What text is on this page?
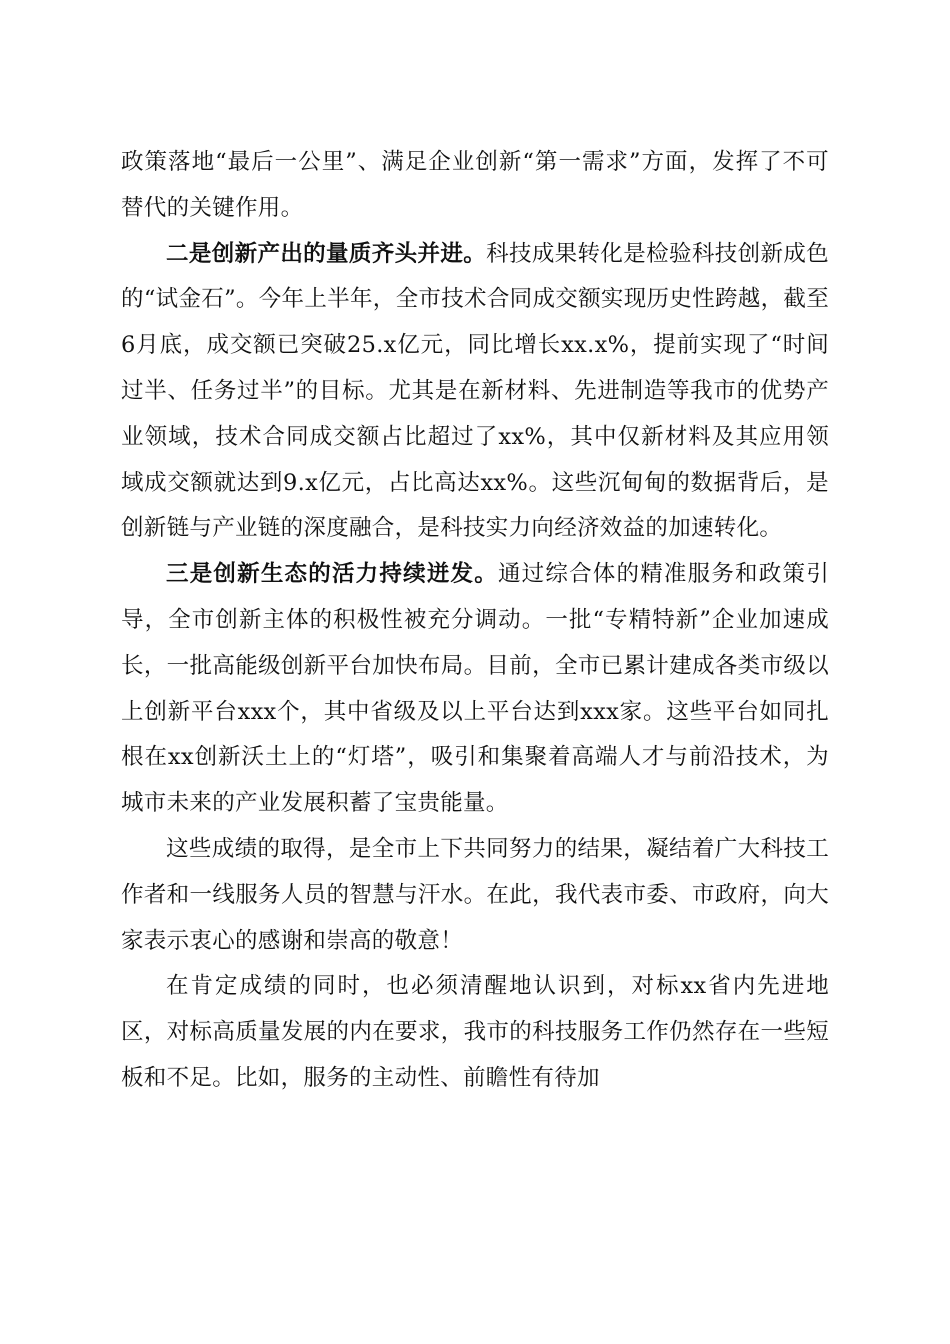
政策落地“最后一公里”、满足企业创新“第一需求”方面，发挥了不可替代的关键作用。

二是创新产出的量质齐头并进。科技成果转化是检验科技创新成色的“试金石”。今年上半年，全市技术合同成交额实现历史性跨越，截至6月底，成交额已突破25.x亿元，同比增长xx.x%，提前实现了“时间过半、任务过半”的目标。尤其是在新材料、先进制造等我市的优势产业领域，技术合同成交额占比超过了xx%，其中仅新材料及其应用领域成交额就达到9.x亿元，占比高达xx%。这些沉甸甸的数据背后，是创新链与产业链的深度融合，是科技实力向经济效益的加速转化。

三是创新生态的活力持续迸发。通过综合体的精准服务和政策引导，全市创新主体的积极性被充分调动。一批“专精特新”企业加速成长，一批高能级创新平台加快布局。目前，全市已累计建成各类市级以上创新平台xxx个，其中省级及以上平台达到xxx家。这些平台如同扎根在xx创新沃土上的“灯塔”，吸引和集聚着高端人才与前沿技术，为城市未来的产业发展积蓄了宝贵能量。

这些成绩的取得，是全市上下共同努力的结果，凝结着广大科技工作者和一线服务人员的智慧与汗水。在此，我代表市委、市政府，向大家表示衷心的感谢和崇高的敬意！

在肯定成绩的同时，也必须清醒地认识到，对标xx省内先进地区，对标高质量发展的内在要求，我市的科技服务工作仍然存在一些短板和不足。比如，服务的主动性、前瞻性有待加
